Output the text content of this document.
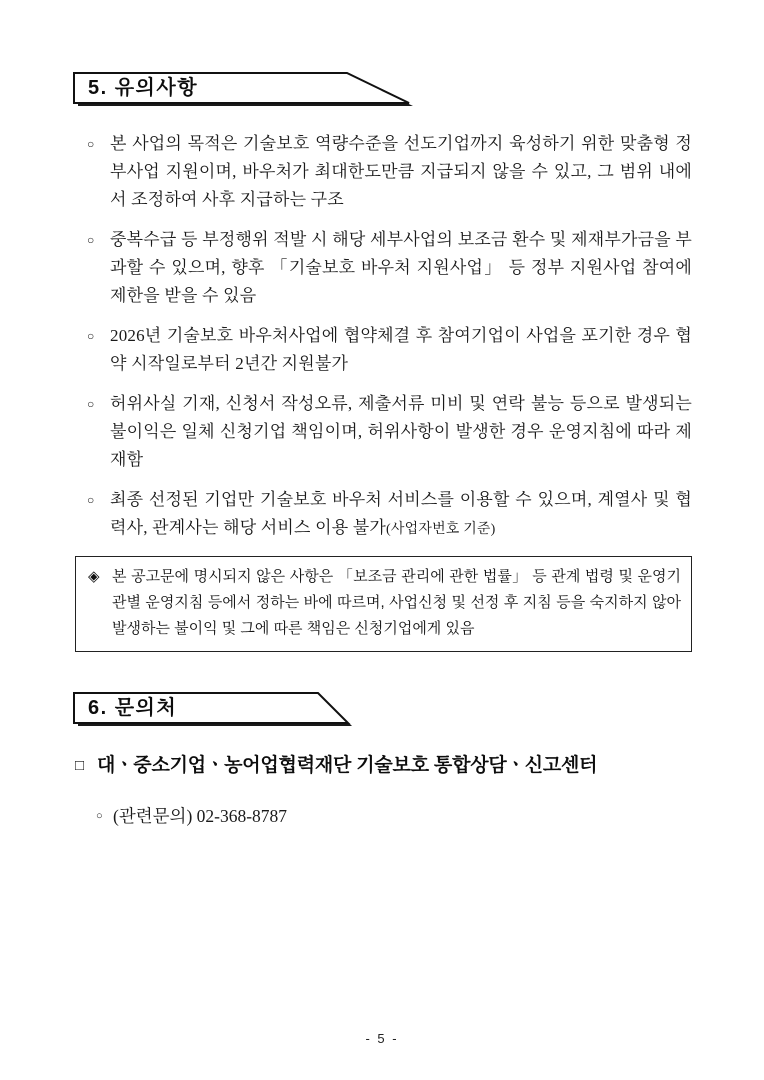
5. 유의사항
○ 본 사업의 목적은 기술보호 역량수준을 선도기업까지 육성하기 위한 맞춤형 정부사업 지원이며, 바우처가 최대한도만큼 지급되지 않을 수 있고, 그 범위 내에서 조정하여 사후 지급하는 구조
○ 중복수급 등 부정행위 적발 시 해당 세부사업의 보조금 환수 및 제재부가금을 부과할 수 있으며, 향후 「기술보호 바우처 지원사업」 등 정부 지원사업 참여에 제한을 받을 수 있음
○ 2026년 기술보호 바우처사업에 협약체결 후 참여기업이 사업을 포기한 경우 협약 시작일로부터 2년간 지원불가
○ 허위사실 기재, 신청서 작성오류, 제출서류 미비 및 연락 불능 등으로 발생되는 불이익은 일체 신청기업 책임이며, 허위사항이 발생한 경우 운영지침에 따라 제재함
○ 최종 선정된 기업만 기술보호 바우처 서비스를 이용할 수 있으며, 계열사 및 협력사, 관계사는 해당 서비스 이용 불가(사업자번호 기준)
◈ 본 공고문에 명시되지 않은 사항은 「보조금 관리에 관한 법률」 등 관계 법령 및 운영기관별 운영지침 등에서 정하는 바에 따르며, 사업신청 및 선정 후 지침 등을 숙지하지 않아 발생하는 불이익 및 그에 따른 책임은 신청기업에게 있음
6. 문의처
□ 대ㆍ중소기업ㆍ농어업협력재단 기술보호 통합상담ㆍ신고센터
○ (관련문의) 02-368-8787
- 5 -
